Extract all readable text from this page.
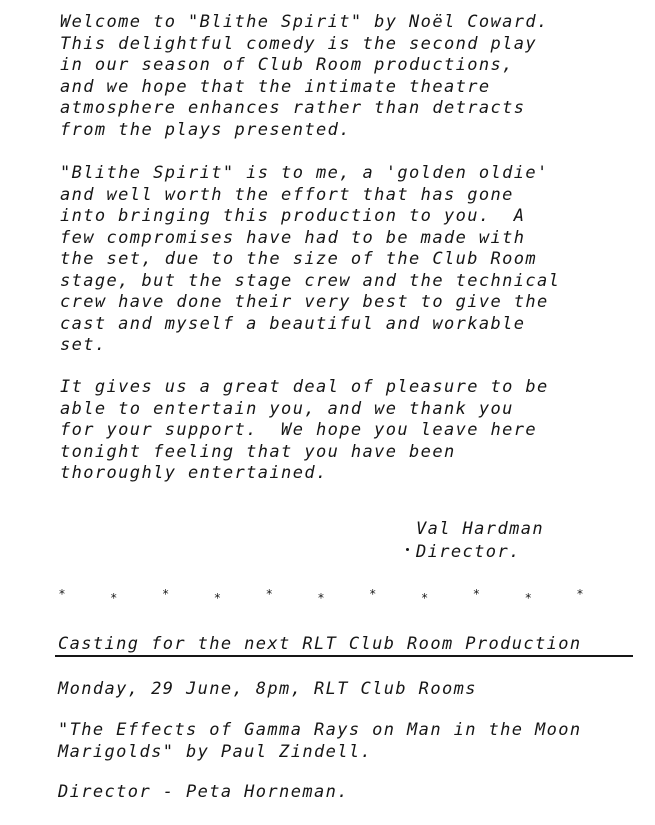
Welcome to "Blithe Spirit" by Noël Coward.
This delightful comedy is the second play
in our season of Club Room productions,
and we hope that the intimate theatre
atmosphere enhances rather than detracts
from the plays presented.
"Blithe Spirit" is to me, a 'golden oldie'
and well worth the effort that has gone
into bringing this production to you.  A
few compromises have had to be made with
the set, due to the size of the Club Room
stage, but the stage crew and the technical
crew have done their very best to give the
cast and myself a beautiful and workable
set.
It gives us a great deal of pleasure to be
able to entertain you, and we thank you
for your support.  We hope you leave here
tonight feeling that you have been
thoroughly entertained.
Val Hardman
Director.
*	*	*	*	*	*	*	*	*	*	*
Casting for the next RLT Club Room Production
Monday, 29 June, 8pm, RLT Club Rooms
"The Effects of Gamma Rays on Man in the Moon
Marigolds" by Paul Zindell.
Director - Peta Horneman.
